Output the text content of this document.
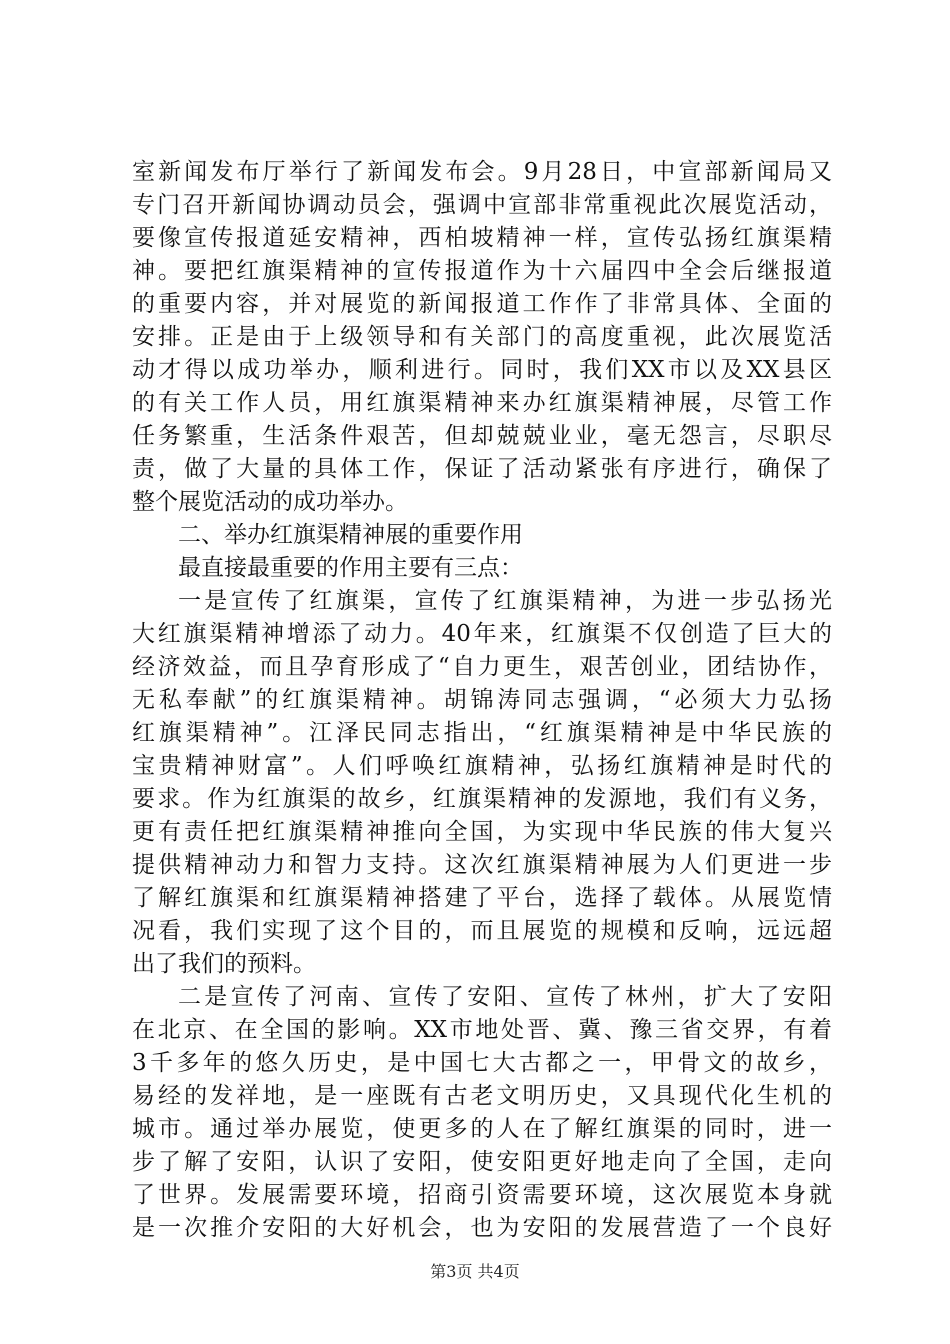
室新闻发布厅举行了新闻发布会。9月28日，中宣部新闻局又
专门召开新闻协调动员会，强调中宣部非常重视此次展览活动，
要像宣传报道延安精神，西柏坡精神一样，宣传弘扬红旗渠精
神。要把红旗渠精神的宣传报道作为十六届四中全会后继报道
的重要内容，并对展览的新闻报道工作作了非常具体、全面的
安排。正是由于上级领导和有关部门的高度重视，此次展览活
动才得以成功举办，顺利进行。同时，我们XX市以及XX县区
的有关工作人员，用红旗渠精神来办红旗渠精神展，尽管工作
任务繁重，生活条件艰苦，但却兢兢业业，毫无怨言，尽职尽
责，做了大量的具体工作，保证了活动紧张有序进行，确保了
整个展览活动的成功举办。
二、举办红旗渠精神展的重要作用
最直接最重要的作用主要有三点：
一是宣传了红旗渠，宣传了红旗渠精神，为进一步弘扬光
大红旗渠精神增添了动力。40年来，红旗渠不仅创造了巨大的
经济效益，而且孕育形成了“自力更生，艰苦创业，团结协作，
无私奉献”的红旗渠精神。胡锦涛同志强调，“必须大力弘扬
红旗渠精神”。江泽民同志指出，“红旗渠精神是中华民族的
宝贵精神财富”。人们呼唤红旗精神，弘扬红旗精神是时代的
要求。作为红旗渠的故乡，红旗渠精神的发源地，我们有义务，
更有责任把红旗渠精神推向全国，为实现中华民族的伟大复兴
提供精神动力和智力支持。这次红旗渠精神展为人们更进一步
了解红旗渠和红旗渠精神搭建了平台，选择了载体。从展览情
况看，我们实现了这个目的，而且展览的规模和反响，远远超
出了我们的预料。
二是宣传了河南、宣传了安阳、宣传了林州，扩大了安阳
在北京、在全国的影响。XX市地处晋、冀、豫三省交界，有着
3千多年的悠久历史，是中国七大古都之一，甲骨文的故乡，
易经的发祥地，是一座既有古老文明历史，又具现代化生机的
城市。通过举办展览，使更多的人在了解红旗渠的同时，进一
步了解了安阳，认识了安阳，使安阳更好地走向了全国，走向
了世界。发展需要环境，招商引资需要环境，这次展览本身就
是一次推介安阳的大好机会，也为安阳的发展营造了一个良好
第3页 共4页
